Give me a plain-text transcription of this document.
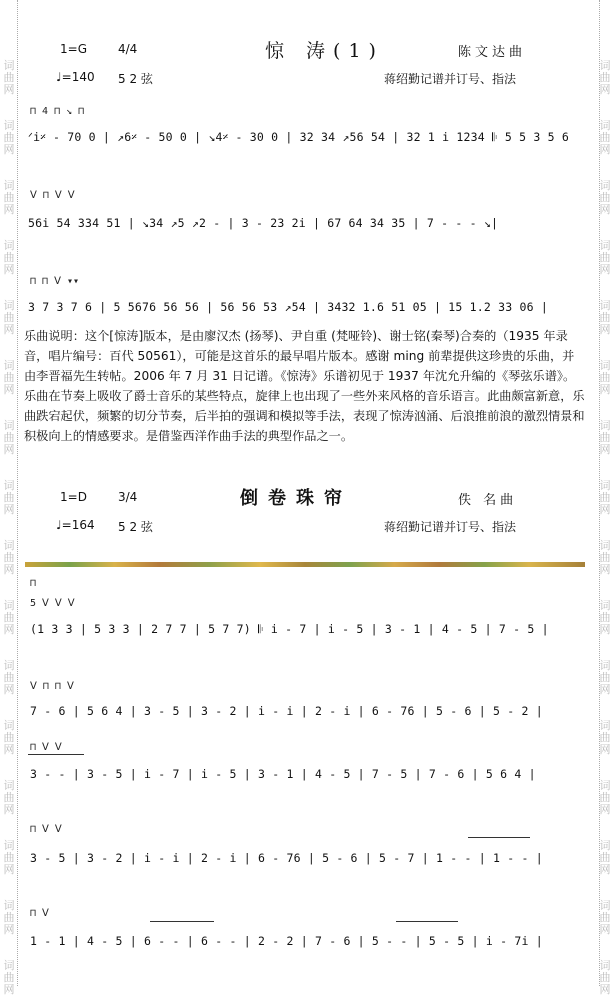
词
曲
网
词
曲
网
词
曲
网
词
曲
网
词
曲
网
词
曲
网
词
曲
网
词
曲
网
词
曲
网
词
曲
网
词
曲
网
词
曲
网
词
曲
网
词
曲
网
词
曲
网
词
曲
网
词
曲
网
词
曲
网
词
曲
网
词
曲
网
词
曲
网
词
曲
网
词
曲
网
词
曲
网
词
曲
网
词
曲
网
词
曲
网
词
曲
网
词
曲
网
词
曲
网
词
曲
网
词
曲
网
1=G	4/4	惊 涛(1)	陈文达曲
♩=140 5 2 弦	蒋绍勤记谱并订号、指法
⊓ 4 ⊓ ↘ ⊓
ᐟi𝄎 - 70 0 | ↗6𝄎 - 50 0 | ↘4𝄎 - 30 0 | 32 34 ↗56 54 | 32 1 i 1234 𝄆 5 5 3 5 6
ᐯ ⊓ ᐯ ᐯ
56i 54 334 51 | ↘34 ↗5 ↗2 - | 3 - 23 2i | 67 64 34 35 | 7 - - - ↘|
⊓ ⊓ ᐯ ▾▾
3 7 3 7 6 | 5 5676 56 56 | 56 56 53 ↗54 | 3432 1.6 51 05 | 15 1.2 33 06 |
乐曲说明：这个[惊涛]版本，是由廖汉杰 (扬琴)、尹自重 (梵哑铃)、谢士铭(秦琴)合奏的（1935 年录音，唱片编号：百代 50561），可能是这首乐的最早唱片版本。感谢 ming 前辈提供这珍贵的乐曲，并由李晋福先生转帖。2006 年 7 月 31 日记谱。《惊涛》乐谱初见于 1937 年沈允升编的《琴弦乐谱》。乐曲在节奏上吸收了爵士音乐的某些特点，旋律上也出现了一些外来风格的音乐语言。此曲颇富新意，乐曲跌宕起伏，频繁的切分节奏，后半拍的强调和模拟等手法，表现了惊涛汹涌、后浪推前浪的激烈情景和积极向上的情感要求。是借鉴西洋作曲手法的典型作品之一。
1=D	3/4	倒卷珠帘	佚 名曲
♩=164 5 2 弦	蒋绍勤记谱并订号、指法
⊓
5 ᐯ ᐯ ᐯ
(1 3 3 | 5 3 3 | 2 7 7 | 5 7 7) 𝄆 i - 7 | i - 5 | 3 - 1 | 4 - 5 | 7 - 5 |
ᐯ ⊓ ⊓ ᐯ
7 - 6 | 5 6 4 | 3 - 5 | 3 - 2 | i - i | 2 - i | 6 - 76 | 5 - 6 | 5 - 2 |
⊓ ᐯ ᐯ
3 - - | 3 - 5 | i - 7 | i - 5 | 3 - 1 | 4 - 5 | 7 - 5 | 7 - 6 | 5 6 4 |
⊓ ᐯ ᐯ
3 - 5 | 3 - 2 | i - i | 2 - i | 6 - 76 | 5 - 6 | 5 - 7 | 1 - - | 1 - - |
⊓ ᐯ
1 - 1 | 4 - 5 | 6 - - | 6 - - | 2 - 2 | 7 - 6 | 5 - - | 5 - 5 | i - 7i |
